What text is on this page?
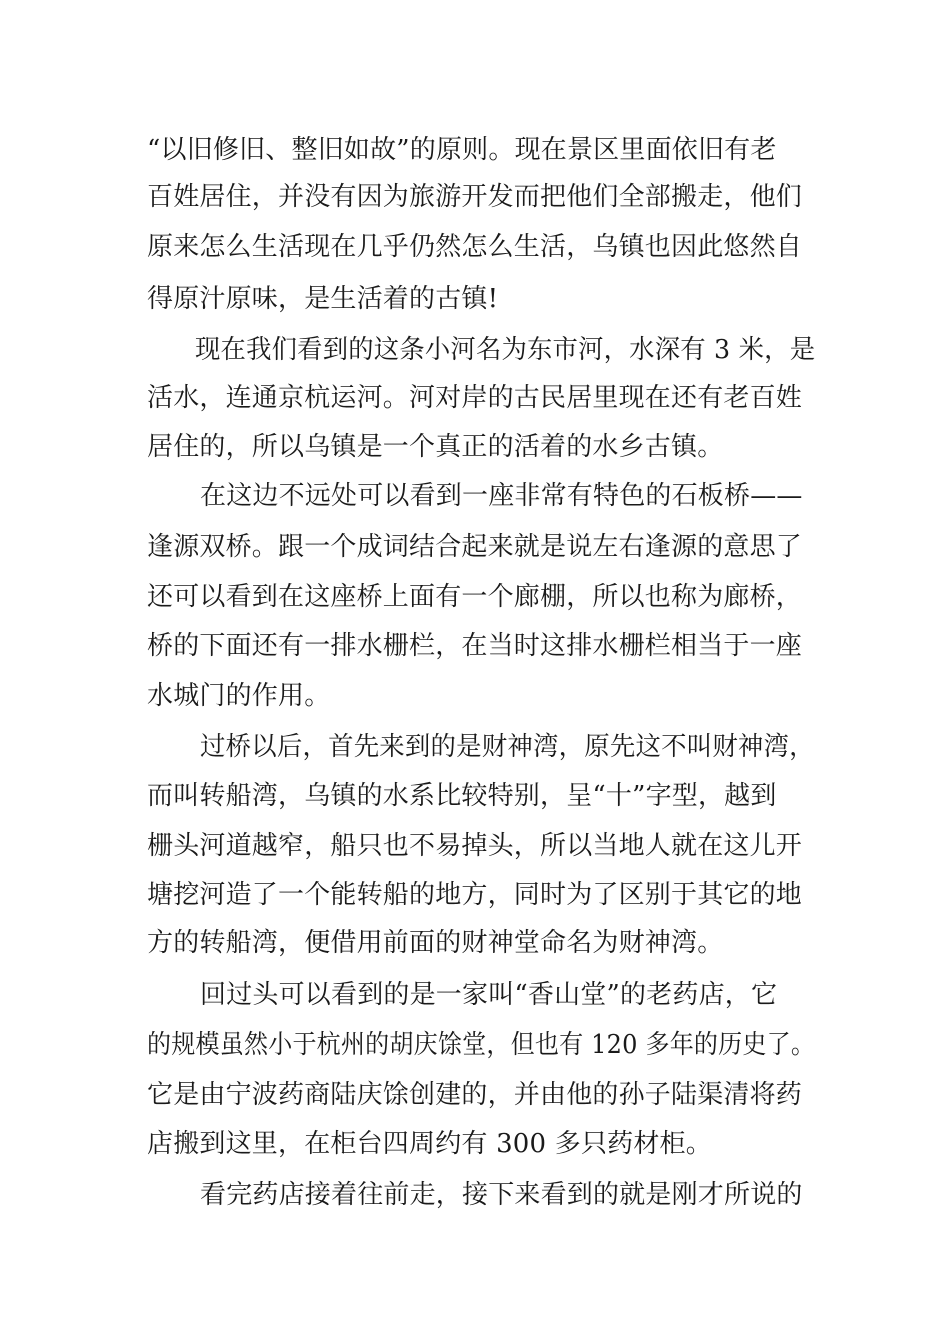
“以旧修旧、整旧如故”的原则。现在景区里面依旧有老
百姓居住，并没有因为旅游开发而把他们全部搬走，他们
原来怎么生活现在几乎仍然怎么生活，乌镇也因此悠然自
得原汁原味，是生活着的古镇!
现在我们看到的这条小河名为东市河，水深有 3 米，是
活水，连通京杭运河。河对岸的古民居里现在还有老百姓
居住的，所以乌镇是一个真正的活着的水乡古镇。
在这边不远处可以看到一座非常有特色的石板桥——
逢源双桥。跟一个成词结合起来就是说左右逢源的意思了
还可以看到在这座桥上面有一个廊棚，所以也称为廊桥，
桥的下面还有一排水栅栏，在当时这排水栅栏相当于一座
水城门的作用。
过桥以后，首先来到的是财神湾，原先这不叫财神湾，
而叫转船湾，乌镇的水系比较特别，呈“十”字型，越到
栅头河道越窄，船只也不易掉头，所以当地人就在这儿开
塘挖河造了一个能转船的地方，同时为了区别于其它的地
方的转船湾，便借用前面的财神堂命名为财神湾。
回过头可以看到的是一家叫“香山堂”的老药店，它
的规模虽然小于杭州的胡庆馀堂，但也有 120 多年的历史了。
它是由宁波药商陆庆馀创建的，并由他的孙子陆渠清将药
店搬到这里，在柜台四周约有 300 多只药材柜。
看完药店接着往前走，接下来看到的就是刚才所说的
